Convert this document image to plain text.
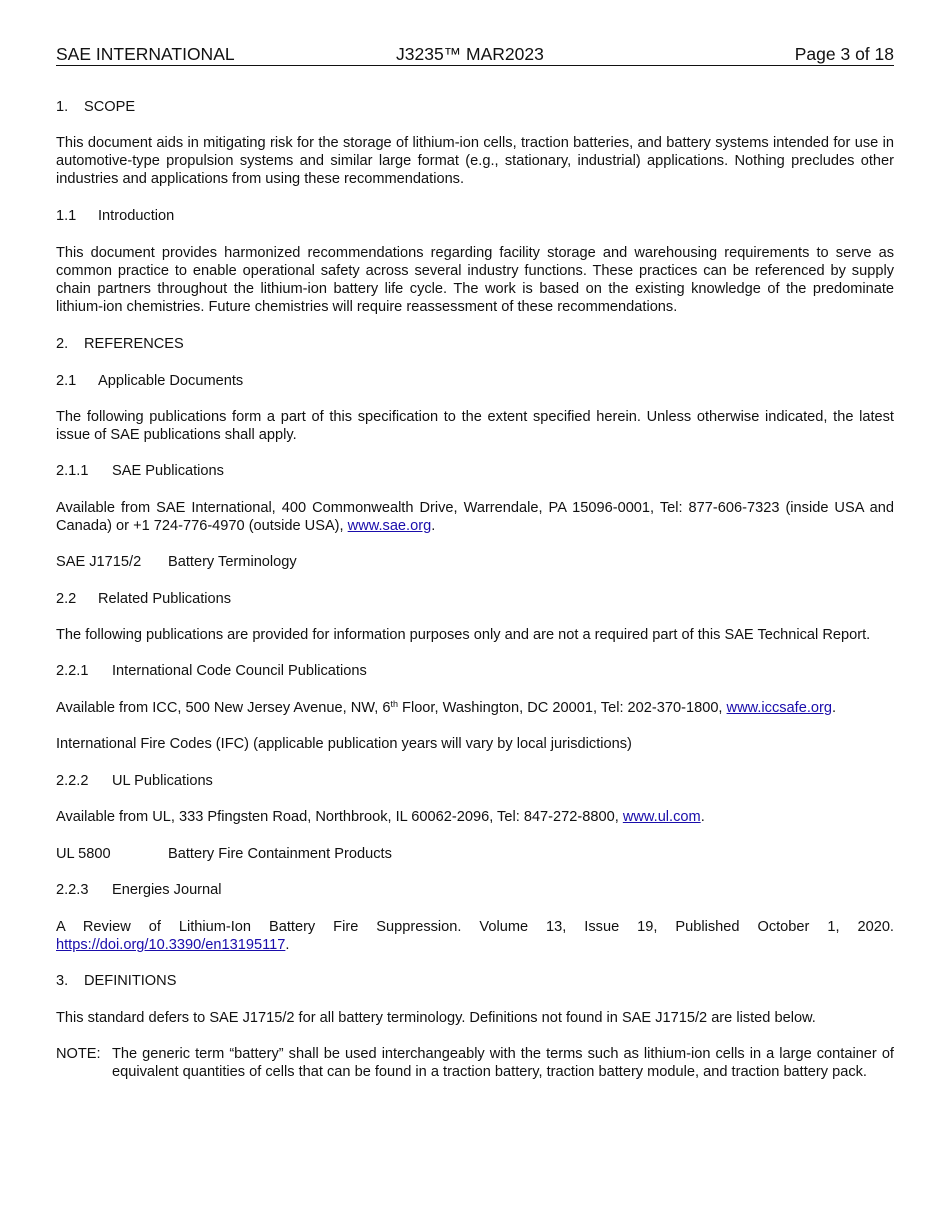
SAE INTERNATIONAL	J3235™ MAR2023	Page 3 of 18

1. SCOPE

This document aids in mitigating risk for the storage of lithium-ion cells, traction batteries, and battery systems intended for use in automotive-type propulsion systems and similar large format (e.g., stationary, industrial) applications. Nothing precludes other industries and applications from using these recommendations.

1.1 Introduction

This document provides harmonized recommendations regarding facility storage and warehousing requirements to serve as common practice to enable operational safety across several industry functions. These practices can be referenced by supply chain partners throughout the lithium-ion battery life cycle. The work is based on the existing knowledge of the predominate lithium-ion chemistries. Future chemistries will require reassessment of these recommendations.

2. REFERENCES

2.1 Applicable Documents

The following publications form a part of this specification to the extent specified herein. Unless otherwise indicated, the latest issue of SAE publications shall apply.

2.1.1 SAE Publications

Available from SAE International, 400 Commonwealth Drive, Warrendale, PA 15096-0001, Tel: 877-606-7323 (inside USA and Canada) or +1 724-776-4970 (outside USA), www.sae.org.

SAE J1715/2 Battery Terminology

2.2 Related Publications

The following publications are provided for information purposes only and are not a required part of this SAE Technical Report.

2.2.1 International Code Council Publications

Available from ICC, 500 New Jersey Avenue, NW, 6th Floor, Washington, DC 20001, Tel: 202-370-1800, www.iccsafe.org.

International Fire Codes (IFC) (applicable publication years will vary by local jurisdictions)

2.2.2 UL Publications

Available from UL, 333 Pfingsten Road, Northbrook, IL 60062-2096, Tel: 847-272-8800, www.ul.com.

UL 5800	Battery Fire Containment Products

2.2.3 Energies Journal

A Review of Lithium-Ion Battery Fire Suppression. Volume 13, Issue 19, Published October 1, 2020.

https://doi.org/10.3390/en13195117.

3. DEFINITIONS

This standard defers to SAE J1715/2 for all battery terminology. Definitions not found in SAE J1715/2 are listed below.

NOTE: The generic term “battery” shall be used interchangeably with the terms such as lithium-ion cells in a large container of equivalent quantities of cells that can be found in a traction battery, traction battery module, and traction battery pack.
